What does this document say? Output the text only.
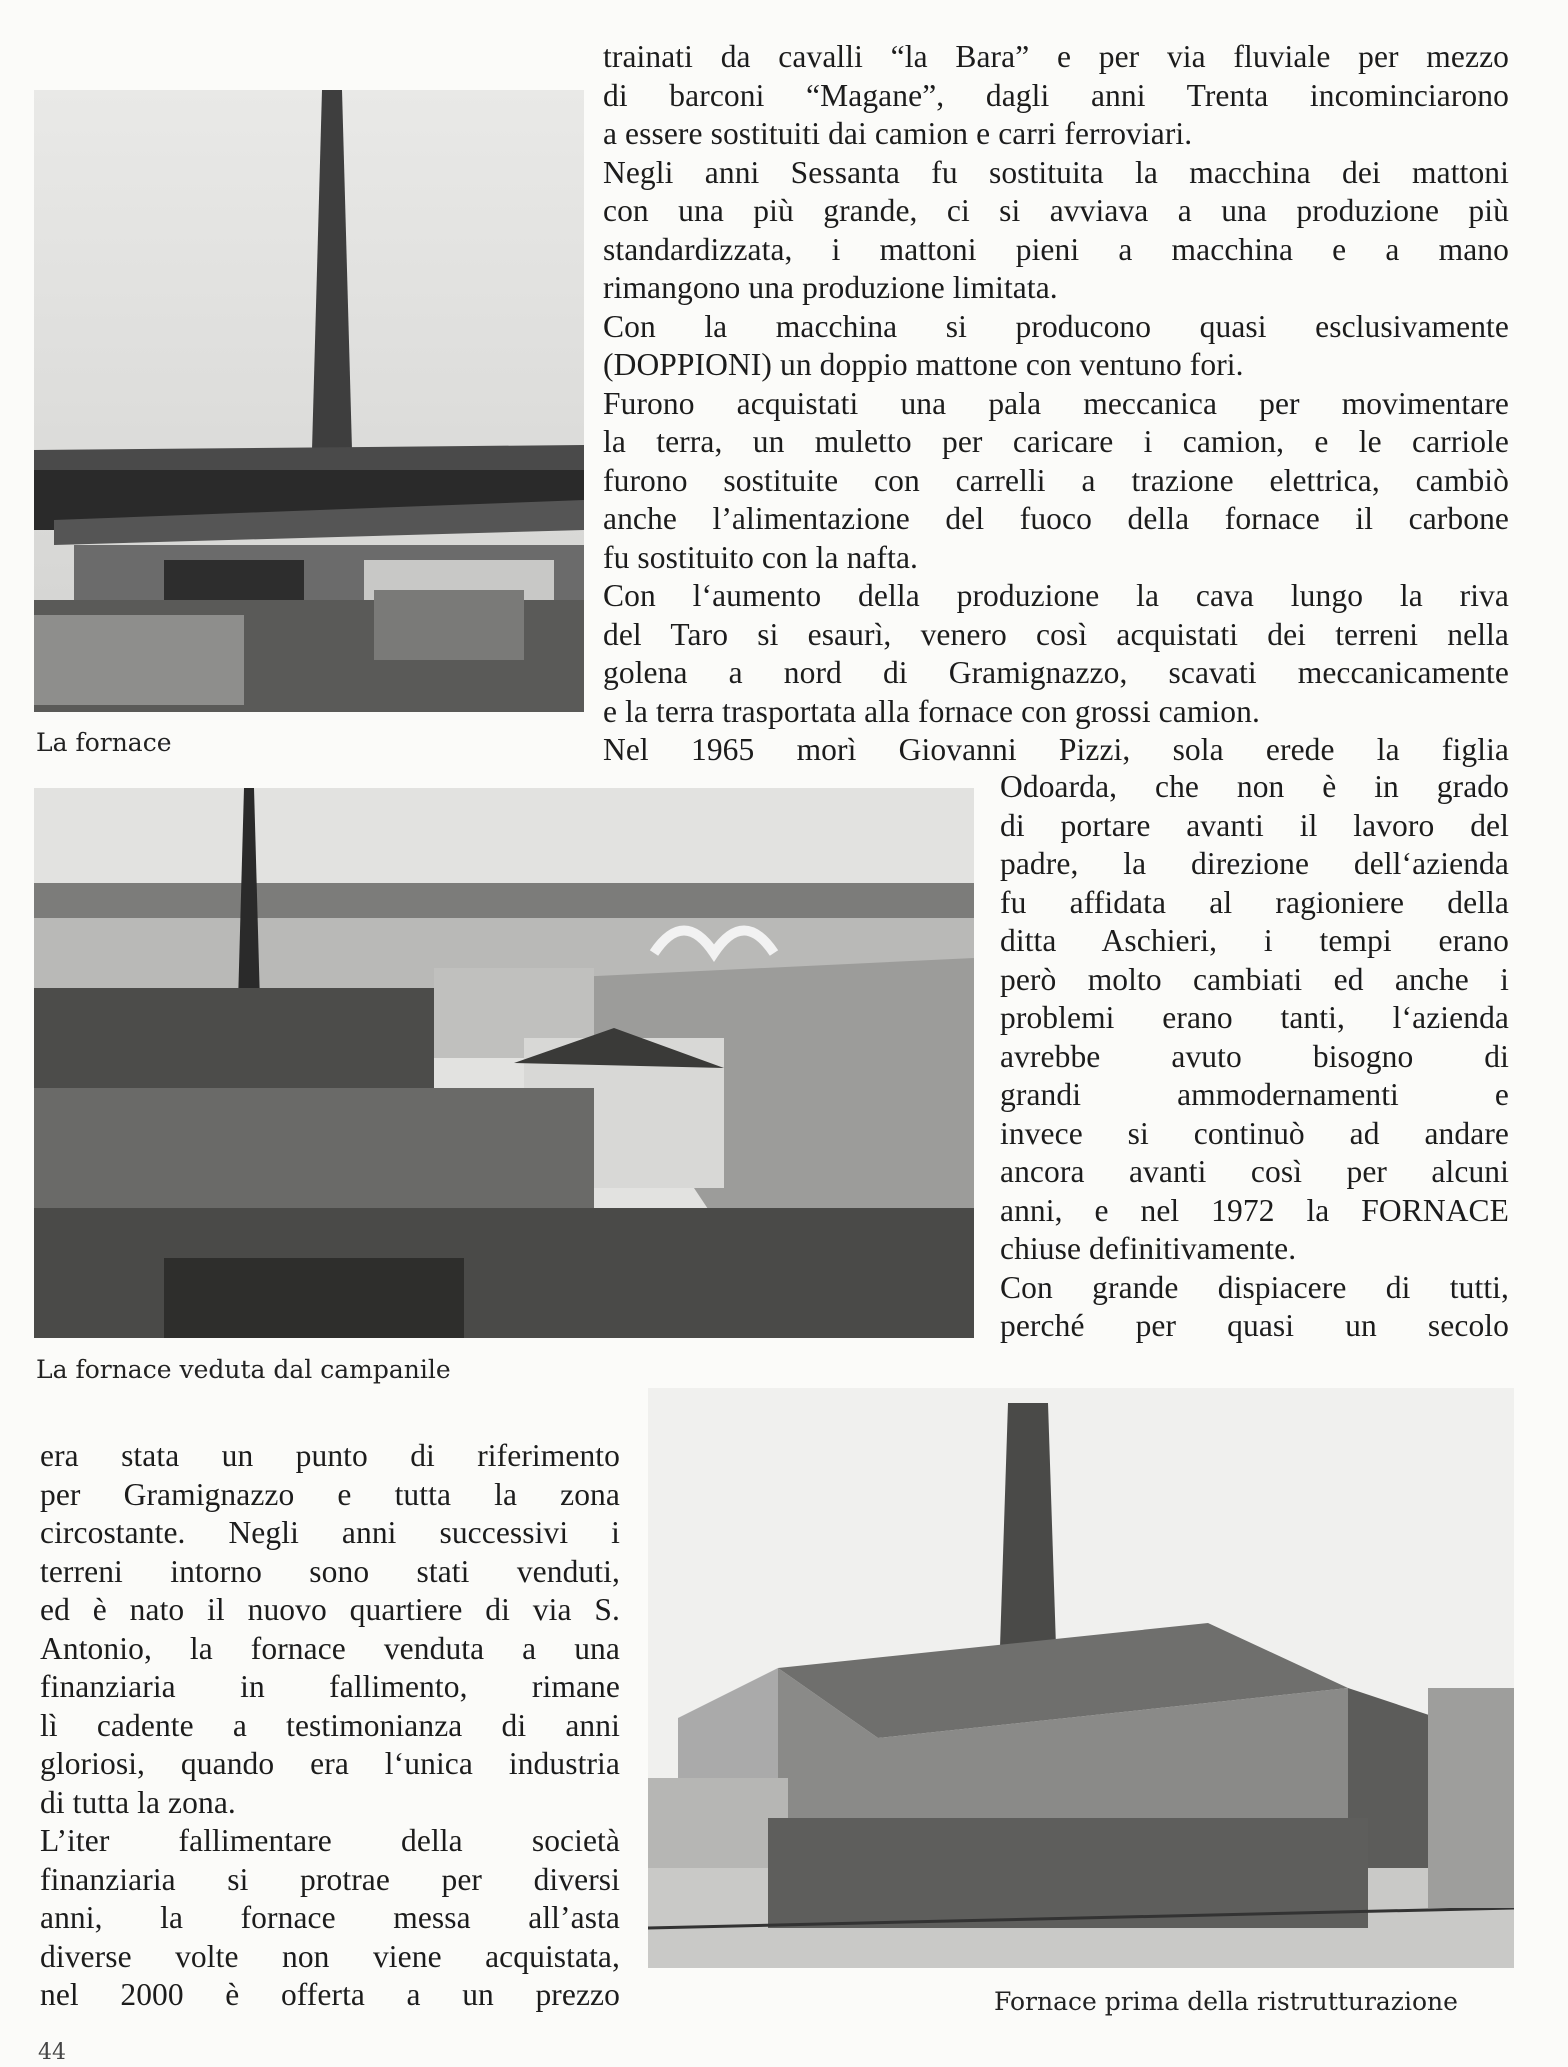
La fornace
La fornace veduta dal campanile
Fornace prima della ristrutturazione

trainati da cavalli “la Bara” e per via fluviale per mezzo

di barconi “Magane”, dagli anni Trenta incominciarono

a essere sostituiti dai camion e carri ferroviari.

Negli anni Sessanta fu sostituita la macchina dei mattoni

con una più grande, ci si avviava a una produzione più

standardizzata, i mattoni pieni a macchina e a mano

rimangono una produzione limitata.

Con la macchina si producono quasi esclusivamente

(DOPPIONI) un doppio mattone con ventuno fori.

Furono acquistati una pala meccanica per movimentare

la terra, un muletto per caricare i camion, e le carriole

furono sostituite con carrelli a trazione elettrica, cambiò

anche l’alimentazione del fuoco della fornace il carbone

fu sostituito con la nafta.

Con l‘aumento della produzione la cava lungo la riva

del Taro si esaurì, venero così acquistati dei terreni nella

golena a nord di Gramignazzo, scavati meccanicamente

e la terra trasportata alla fornace con grossi camion.

Nel 1965 morì Giovanni Pizzi, sola erede la figlia

Odoarda, che non è in grado

di portare avanti il lavoro del

padre, la direzione dell‘azienda

fu affidata al ragioniere della

ditta Aschieri, i tempi erano

però molto cambiati ed anche i

problemi erano tanti, l‘azienda

avrebbe avuto bisogno di

grandi ammodernamenti e

invece si continuò ad andare

ancora avanti così per alcuni

anni, e nel 1972 la FORNACE

chiuse definitivamente.

Con grande dispiacere di tutti,

perché per quasi un secolo

era stata un punto di riferimento

per Gramignazzo e tutta la zona

circostante. Negli anni successivi i

terreni intorno sono stati venduti,

ed è nato il nuovo quartiere di via S.

Antonio, la fornace venduta a una

finanziaria in fallimento, rimane

lì cadente a testimonianza di anni

gloriosi, quando era l‘unica industria

di tutta la zona.

L’iter fallimentare della società

finanziaria si protrae per diversi

anni, la fornace messa all’asta

diverse volte non viene acquistata,

nel 2000 è offerta a un prezzo

44
